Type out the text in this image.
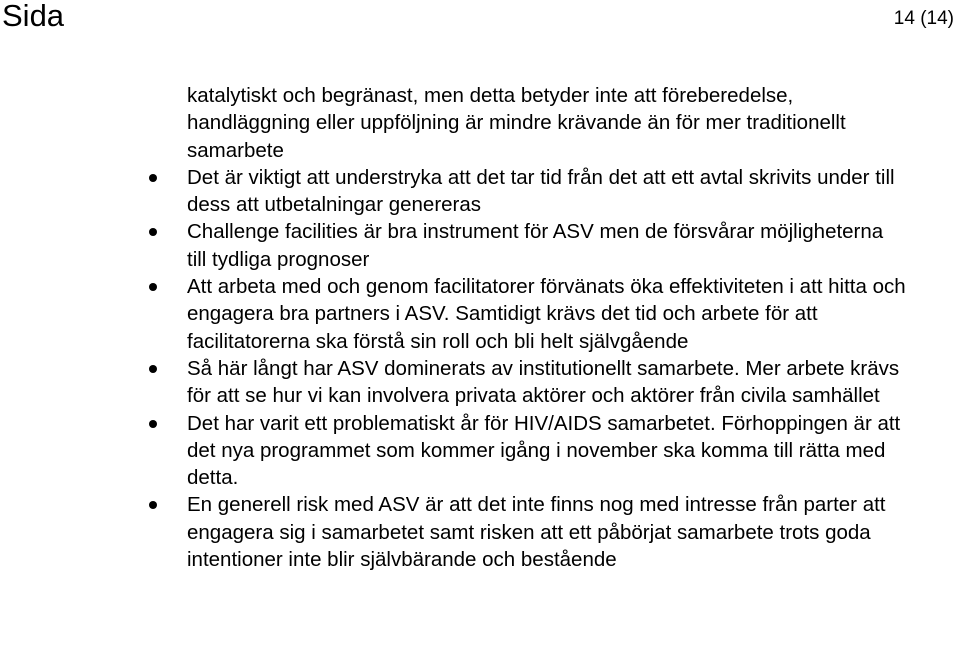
Sida	14 (14)

katalytiskt och begränast, men detta betyder inte att föreberedelse, handläggning eller uppföljning är mindre krävande än för mer traditionellt samarbete

Det är viktigt att understryka att det tar tid från det att ett avtal skrivits under till dess att utbetalningar genereras
Challenge facilities är bra instrument för ASV men de försvårar möjligheterna till tydliga prognoser
Att arbeta med och genom facilitatorer förvänats öka effektiviteten i att hitta och engagera bra partners i ASV. Samtidigt krävs det tid och arbete för att facilitatorerna ska förstå sin roll och bli helt självgående
Så här långt har ASV dominerats av institutionellt samarbete. Mer arbete krävs för att se hur vi kan involvera privata aktörer och aktörer från civila samhället
Det har varit ett problematiskt år för HIV/AIDS samarbetet. Förhoppingen är att det nya programmet som kommer igång i november ska komma till rätta med detta.
En generell risk med ASV är att det inte finns nog med intresse från parter att engagera sig i samarbetet samt risken att ett påbörjat samarbete trots goda intentioner inte blir självbärande och bestående
